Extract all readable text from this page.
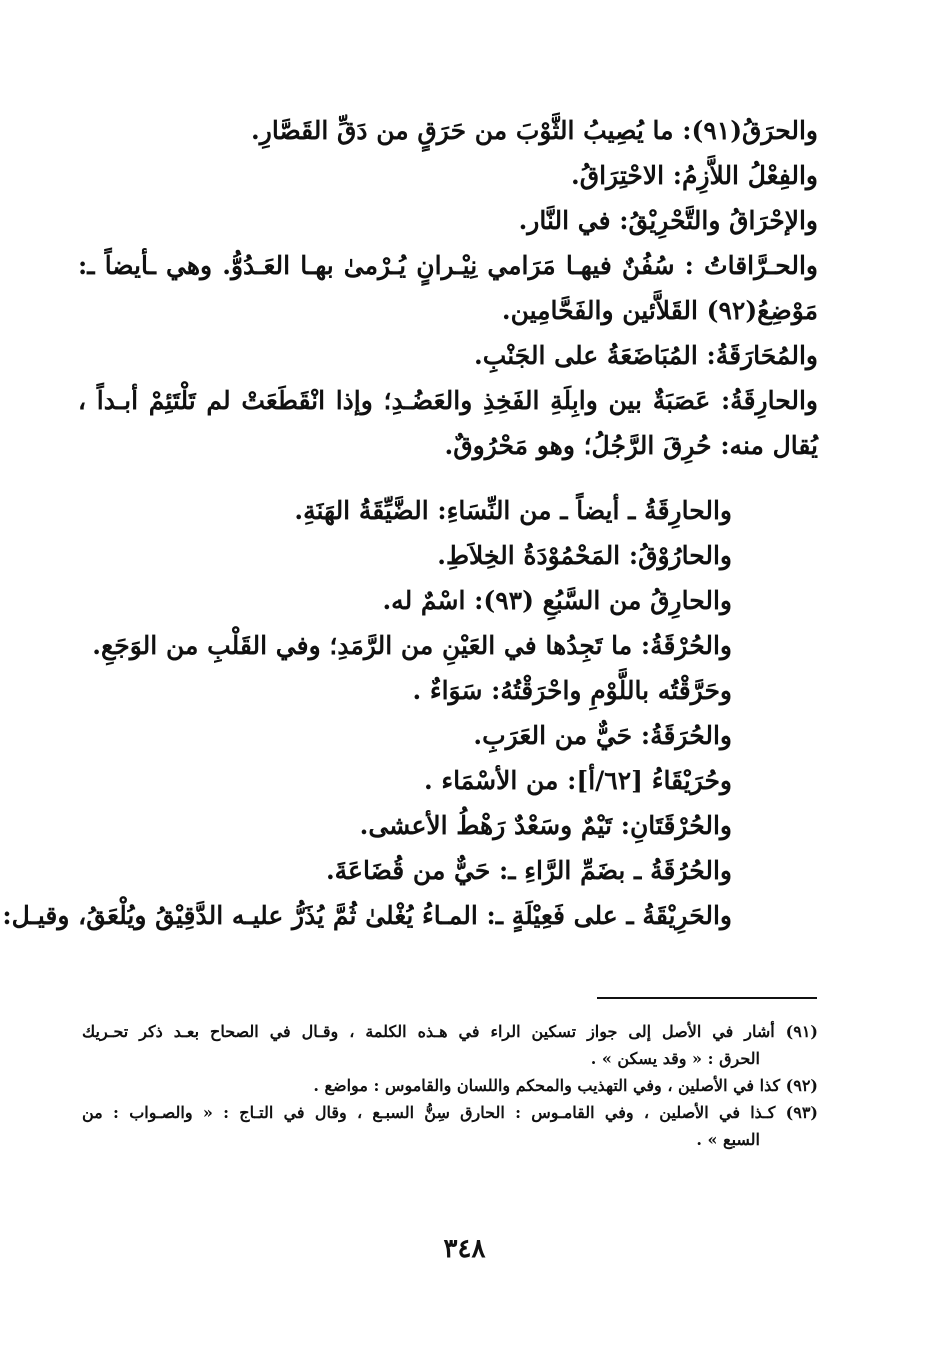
والحرَقُ(٩١): ما يُصِيبُ الثَّوْبَ من حَرَقٍ من دَقِّ القَصَّارِ.
والفِعْلُ اللاَّزِمُ: الاحْتِرَاقُ.
والإحْرَاقُ والتَّحْرِيْقُ: في النَّار.
والحـرَّاقاتُ : سُفُنٌ فيهـا مَرَامي نِيْـرانٍ يُـرْمىٰ بهـا العَـدُوُّ. وهي ـأيضاً ـ:
مَوْضِعُ(٩٢) القَلاَّئين والفَحَّامِين.
والمُحَارَقَةُ: المُبَاضَعَةُ على الجَنْبِ.
والحارِقَةُ: عَصَبَةٌ بين وابِلَةِ الفَخِذِ والعَضُـدِ؛ وإذا انْقَطَعَتْ لم تَلْتَئِمْ أبـداً ،
يُقال منه: حُرِقَ الرَّجُلُ؛ وهو مَحْرُوقٌ.
والحارِقَةُ ـ أيضاً ـ من النِّسَاءِ: الضَّيِّقَةُ الهَنَةِ.
والحارُوْقُ: المَحْمُوْدَةُ الخِلاَطِ.
والحارِقُ من السَّبُعِ (٩٣): اسْمٌ له.
والحُرْقَةُ: ما تَجِدُها في العَيْنِ من الرَّمَدِ؛ وفي القَلْبِ من الوَجَعِ.
وحَرَّقْتُه باللَّوْمِ واحْرَقْتُهُ: سَوَاءٌ .
والحُرَقَةُ: حَيٌّ من العَرَبِ.
وحُرَيْقَاءُ [٦٢/أ]: من الأسْمَاء .
والحُرْقَتَانِ: تَيْمٌ وسَعْدٌ رَهْطُ الأعشى.
والحُرُقَةُ ـ بضَمِّ الرَّاءِ ـ: حَيٌّ من قُضَاعَةَ.
والحَرِيْقَةُ ـ على فَعِيْلَةٍ ـ: المـاءُ يُغْلىٰ ثُمَّ يُذَرُّ عليـه الدَّقِيْقُ ويُلْعَقُ، وقيـل:
(٩١) أشار في الأصل إلى جواز تسكين الراء في هـذه الكلمة ، وقـال في الصحاح بعـد ذكر تحـريك
الحرق : « وقد يسكن » .
(٩٢) كذا في الأصلين ، وفي التهذيب والمحكم واللسان والقاموس : مواضع .
(٩٣) كـذا في الأصلين ، وفي القامـوس : الحارق سِنُّ السبـع ، وقال في التـاج : « والصـواب : من
السبع » .
٣٤٨
